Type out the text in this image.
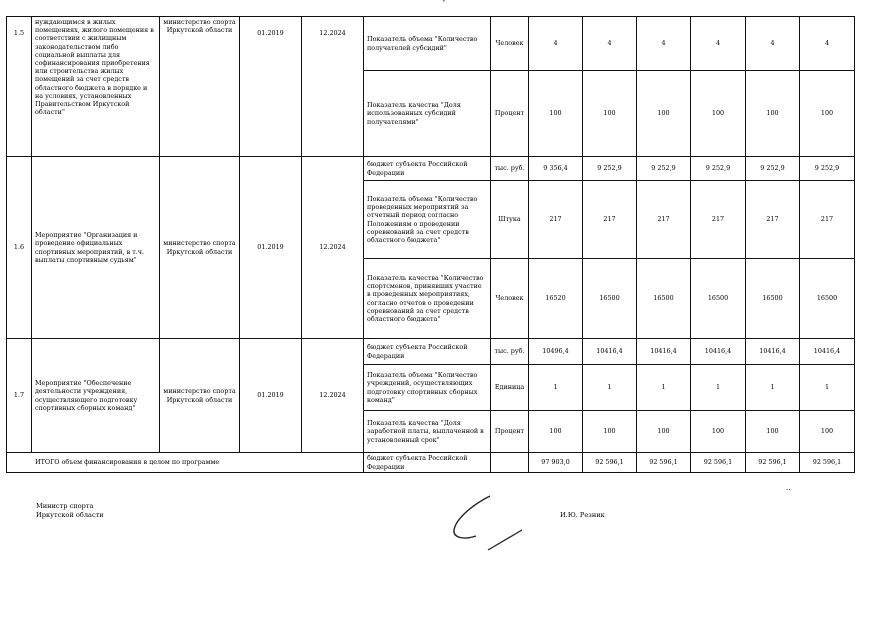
1.5	нуждающимся в жилых помещениях, жилого помещения в соответствии с жилищным законодательством либо социальной выплаты для софинансирования приобретения или строительства жилых помещений за счет средств областного бюджета в порядке и на условиях, установленных Правительством Иркутской области"	министерство спорта Иркутской области	01.2019	12.2024	Показатель объема "Количество получателей субсидий"	Человек	4	4	4	4	4	4
					Показатель качества "Доля использованных субсидий получателями"	Процент	100	100	100	100	100	100
1.6	Мероприятие "Организация и проведение официальных спортивных мероприятий, в т.ч. выплаты спортивным судьям"	министерство спорта Иркутской области	01.2019	12.2024	бюджет субъекта Российской Федерации	тыс. руб.	9 356,4	9 252,9	9 252,9	9 252,9	9 252,9	9 252,9
					Показатель объема "Количество проведенных мероприятий за отчетный период согласно Положениям о проведении соревнований за счет средств областного бюджета"	Штука	217	217	217	217	217	217
					Показатель качества "Количество спортсменов, принявших участие в проведенных мероприятиях, согласно отчетов о проведении соревнований за счет средств областного бюджета"	Человек	16520	16500	16500	16500	16500	16500
1.7	Мероприятие "Обеспечение деятельности учреждения, осуществляющего подготовку спортивных сборных команд"	министерство спорта Иркутской области	01.2019	12.2024	бюджет субъекта Российской Федерации	тыс. руб.	10496,4	10416,4	10416,4	10416,4	10416,4	10416,4
					Показатель объема "Количество учреждений, осуществляющих подготовку спортивных сборных команд"	Единица	1	1	1	1	1	1
					Показатель качества "Доля заработной платы, выплаченной в установленный срок"	Процент	100	100	100	100	100	100
ИТОГО объем финансирования в целом по программе					бюджет субъекта Российской Федерации		97 903,0	92 596,1	92 596,1	92 596,1	92 596,1	92 596,1
Министр спорта
Иркутской области	И.Ю. Резник
ˇ
··
